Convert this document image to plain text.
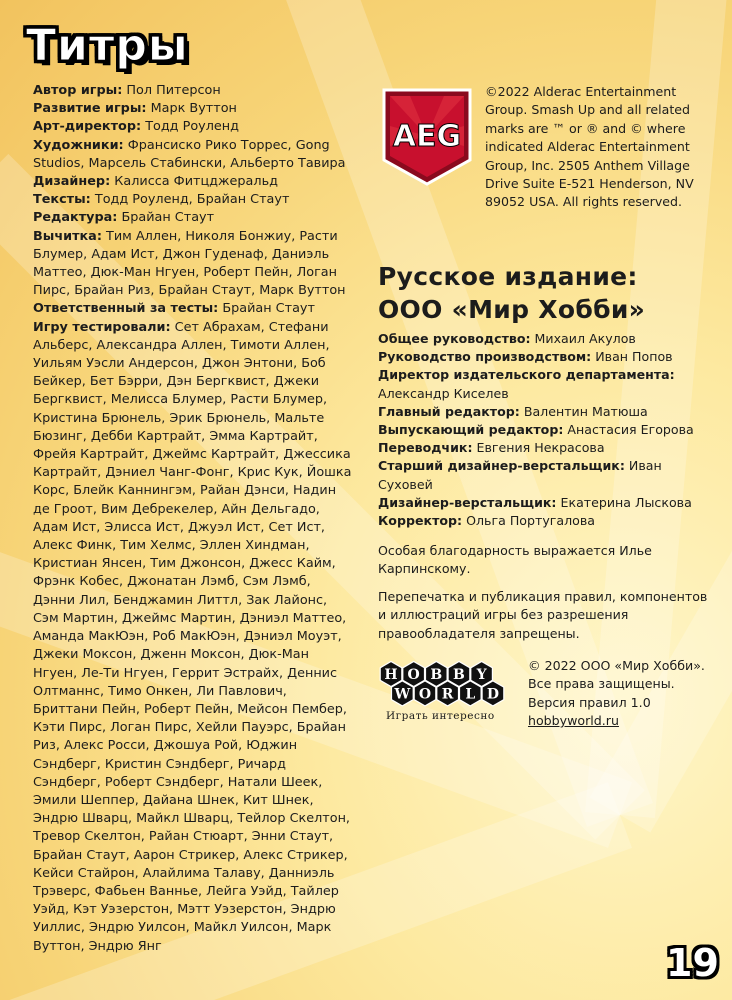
Титры

Автор игры: Пол Питерсон

Развитие игры: Марк Вуттон

Арт-директор: Тодд Роуленд

Художники: Франсиско Рико Торрес, Gong Studios, Марсель Стабински, Альберто Тавира

Дизайнер: Калисса Фитцджеральд

Тексты: Тодд Роуленд, Брайан Стаут

Редактура: Брайан Стаут

Вычитка: Тим Аллен, Николя Бонжиу, Расти Блумер, Адам Ист, Джон Гуденаф, Даниэль Маттео, Дюк-Ман Нгуен, Роберт Пейн, Логан Пирс, Брайан Риз, Брайан Стаут, Марк Вуттон

Ответственный за тесты: Брайан Стаут

Игру тестировали: Сет Абрахам, Стефани Альберс, Александра Аллен, Тимоти Аллен, Уильям Уэсли Андерсон, Джон Энтони, Боб Бейкер, Бет Бэрри, Дэн Бергквист, Джеки Бергквист, Мелисса Блумер, Расти Блумер, Кристина Брюнель, Эрик Брюнель, Мальте Бюзинг, Дебби Картрайт, Эмма Картрайт, Фрейя Картрайт, Джеймс Картрайт, Джессика Картрайт, Дэниел Чанг-Фонг, Крис Кук, Йошка Корс, Блейк Каннингэм, Райан Дэнси, Надин де Гроот, Вим Дебрекелер, Айн Дельгадо, Адам Ист, Элисса Ист, Джуэл Ист, Сет Ист, Алекс Финк, Тим Хелмс, Эллен Хиндман, Кристиан Янсен, Тим Джонсон, Джесс Кайм, Фрэнк Кобес, Джонатан Лэмб, Сэм Лэмб, Дэнни Лил, Бенджамин Литтл, Зак Лайонс, Сэм Мартин, Джеймс Мартин, Дэниэл Маттео, Аманда МакЮэн, Роб МакЮэн, Дэниэл Моуэт, Джеки Моксон, Дженн Моксон, Дюк-Ман Нгуен, Ле-Ти Нгуен, Геррит Эстрайх, Деннис Олтманнс, Тимо Онкен, Ли Павлович, Бриттани Пейн, Роберт Пейн, Мейсон Пембер, Кэти Пирс, Логан Пирс, Хейли Пауэрс, Брайан Риз, Алекс Росси, Джошуа Рой, Юджин Сэндберг, Кристин Сэндберг, Ричард Сэндберг, Роберт Сэндберг, Натали Шеек, Эмили Шеппер, Дайана Шнек, Кит Шнек, Эндрю Шварц, Майкл Шварц, Тейлор Скелтон, Тревор Скелтон, Райан Стюарт, Энни Стаут, Брайан Стаут, Аарон Стрикер, Алекс Стрикер, Кейси Стайрон, Алайлима Талаву, Данниэль Трэверс, Фабьен Ваннье, Лейга Уэйд, Тайлер Уэйд, Кэт Уэзерстон, Мэтт Уэзерстон, Эндрю Уиллис, Эндрю Уилсон, Майкл Уилсон, Марк Вуттон, Эндрю Янг

AEG
©2022 Alderac Entertainment Group. Smash Up and all related marks are ™ or ® and © where indicated Alderac Entertainment Group, Inc. 2505 Anthem Village Drive Suite E-521 Henderson, NV 89052 USA. All rights reserved.
Русское издание:
ООО «Мир Хобби»

Общее руководство: Михаил Акулов

Руководство производством: Иван Попов

Директор издательского департамента: Александр Киселев

Главный редактор: Валентин Матюша

Выпускающий редактор: Анастасия Егорова

Переводчик: Евгения Некрасова

Старший дизайнер-верстальщик: Иван Суховей

Дизайнер-верстальщик: Екатерина Лыскова

Корректор: Ольга Португалова

Особая благодарность выражается Илье Карпинскому.
Перепечатка и публикация правил, компонентов и иллюстраций игры без разрешения правообладателя запрещены.
H O B B Y
W O R L D
Играть интересно
© 2022 ООО «Мир Хобби».
Все права защищены.
Версия правил 1.0
hobbyworld.ru
19
